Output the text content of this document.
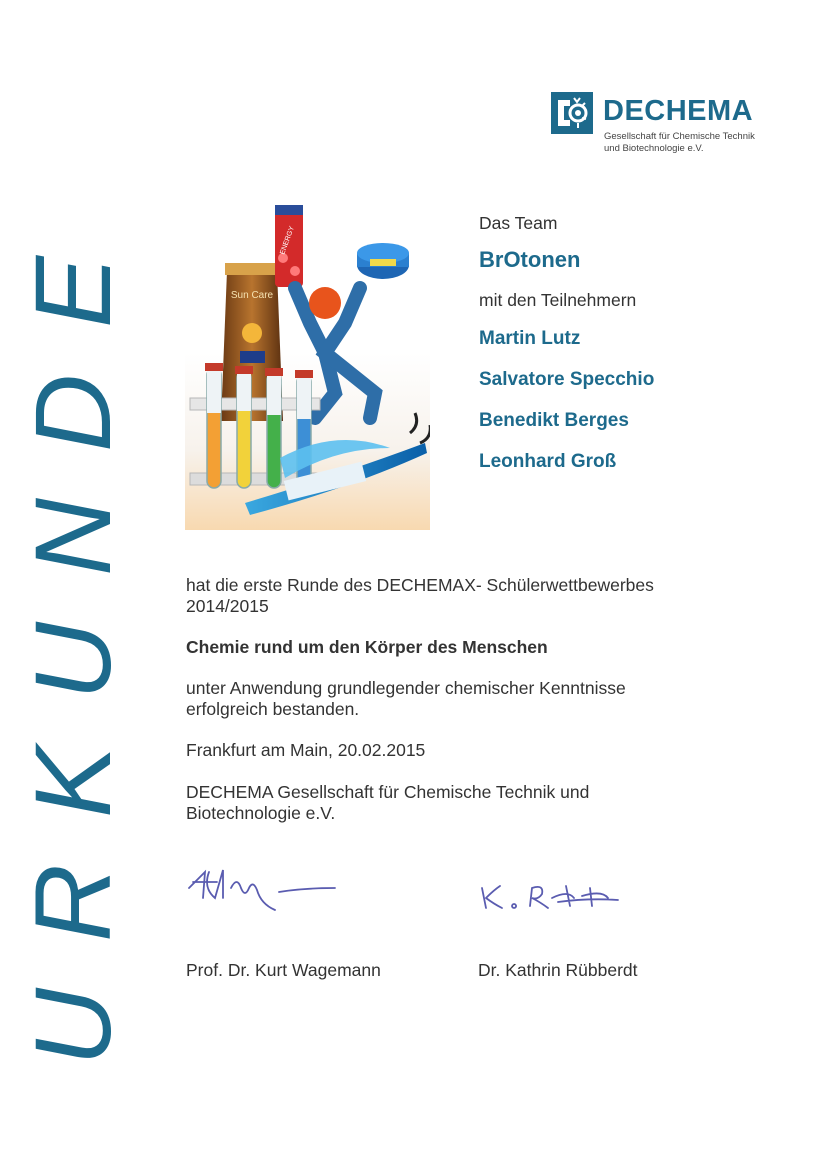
DECHEMA
Gesellschaft für Chemische Technik
und Biotechnologie e.V.
URKUNDE	Sun Care
ENERGY
Das Team
BrOtonen
mit den Teilnehmern
Martin Lutz
Salvatore Specchio
Benedikt Berges
Leonhard Groß
hat die erste Runde des DECHEMAX- Schülerwettbewerbes
2014/2015
Chemie rund um den Körper des Menschen
unter Anwendung grundlegender chemischer Kenntnisse
erfolgreich bestanden.
Frankfurt am Main, 20.02.2015
DECHEMA Gesellschaft für Chemische Technik und
Biotechnologie e.V.
Prof. Dr. Kurt Wagemann	Dr. Kathrin Rübberdt
